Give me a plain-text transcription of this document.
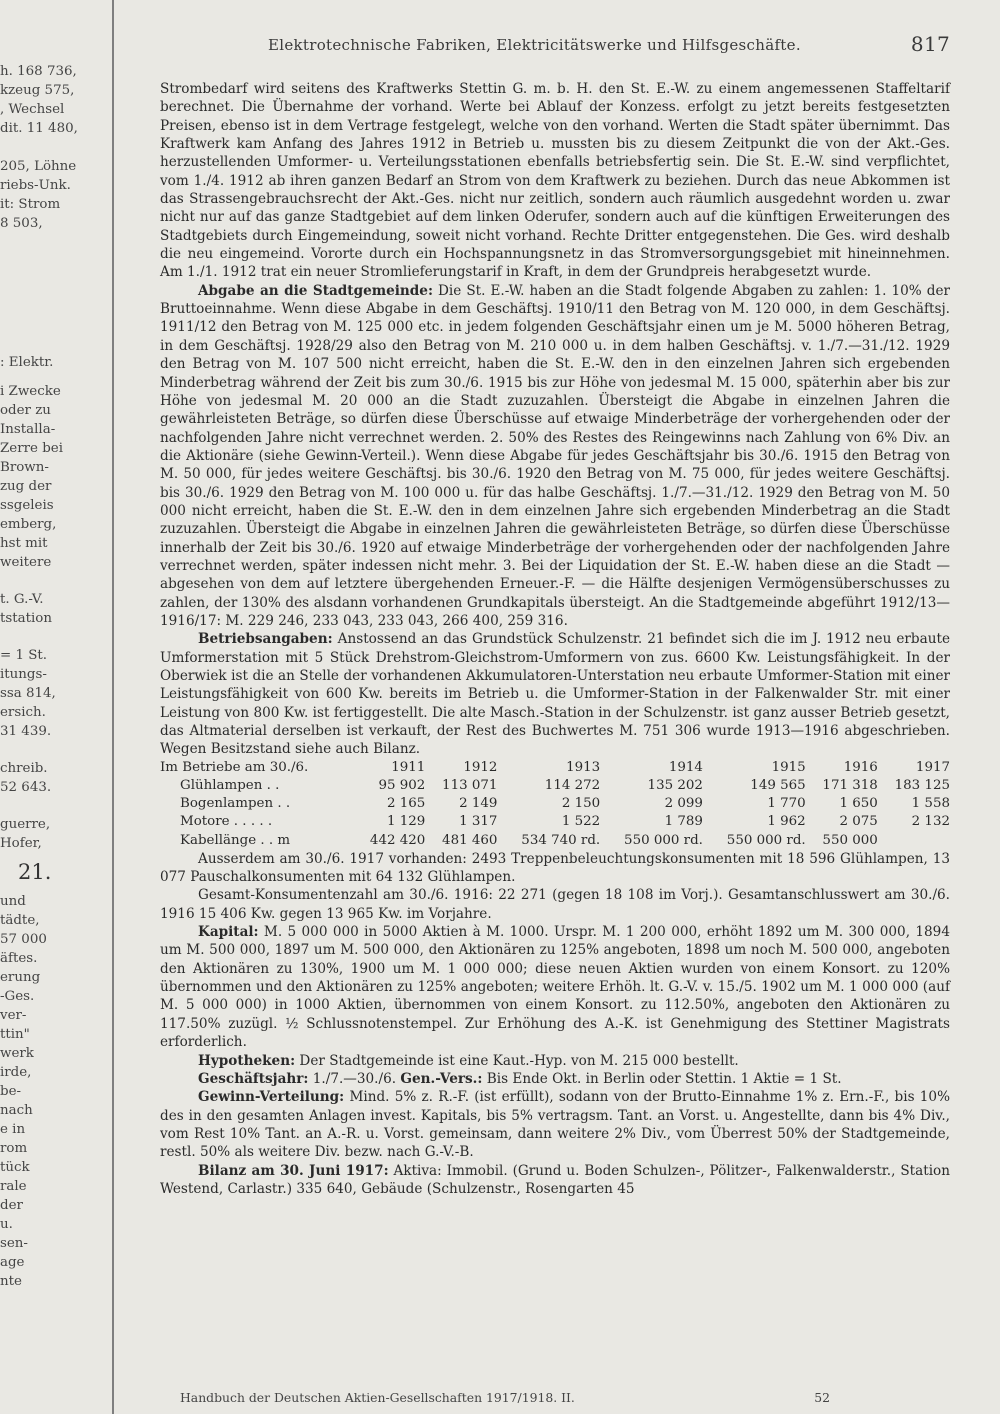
h. 168 736,
kzeug 575,
, Wechsel
dit. 11 480,

205, Löhne
riebs-Unk.
it: Strom
8 503,
: Elektr.
i Zwecke
oder zu
Installa-
Zerre bei
Brown-
zug der
ssgeleis
emberg,
hst mit
weitere
t. G.-V.
tstation
= 1 St.
itungs-
ssa 814,
ersich.
31 439.
chreib.
52 643.
guerre,
Hofer,
21.
und
tädte,
57 000
äftes.
erung
-Ges.
ver-
ttin"
werk
irde,
be-
nach
e in
rom
tück
rale
der
u.
sen-
age
nte
Elektrotechnische Fabriken, Elektricitätswerke und Hilfsgeschäfte.	817

Strombedarf wird seitens des Kraftwerks Stettin G. m. b. H. den St. E.-W. zu einem angemessenen Staffeltarif berechnet. Die Übernahme der vorhand. Werte bei Ablauf der Konzess. erfolgt zu jetzt bereits festgesetzten Preisen, ebenso ist in dem Vertrage festgelegt, welche von den vorhand. Werten die Stadt später übernimmt. Das Kraftwerk kam Anfang des Jahres 1912 in Betrieb u. mussten bis zu diesem Zeitpunkt die von der Akt.-Ges. herzustellenden Umformer- u. Verteilungsstationen ebenfalls betriebsfertig sein. Die St. E.-W. sind verpflichtet, vom 1./4. 1912 ab ihren ganzen Bedarf an Strom von dem Kraftwerk zu beziehen. Durch das neue Abkommen ist das Strassengebrauchsrecht der Akt.-Ges. nicht nur zeitlich, sondern auch räumlich ausgedehnt worden u. zwar nicht nur auf das ganze Stadtgebiet auf dem linken Oderufer, sondern auch auf die künftigen Erweiterungen des Stadtgebiets durch Eingemeindung, soweit nicht vorhand. Rechte Dritter entgegenstehen. Die Ges. wird deshalb die neu eingemeind. Vororte durch ein Hochspannungsnetz in das Stromversorgungsgebiet mit hineinnehmen. Am 1./1. 1912 trat ein neuer Stromlieferungstarif in Kraft, in dem der Grundpreis herabgesetzt wurde.

Abgabe an die Stadtgemeinde: Die St. E.-W. haben an die Stadt folgende Abgaben zu zahlen: 1. 10% der Bruttoeinnahme. Wenn diese Abgabe in dem Geschäftsj. 1910/11 den Betrag von M. 120 000, in dem Geschäftsj. 1911/12 den Betrag von M. 125 000 etc. in jedem folgenden Geschäftsjahr einen um je M. 5000 höheren Betrag, in dem Geschäftsj. 1928/29 also den Betrag von M. 210 000 u. in dem halben Geschäftsj. v. 1./7.—31./12. 1929 den Betrag von M. 107 500 nicht erreicht, haben die St. E.-W. den in den einzelnen Jahren sich ergebenden Minderbetrag während der Zeit bis zum 30./6. 1915 bis zur Höhe von jedesmal M. 15 000, späterhin aber bis zur Höhe von jedesmal M. 20 000 an die Stadt zuzuzahlen. Übersteigt die Abgabe in einzelnen Jahren die gewährleisteten Beträge, so dürfen diese Überschüsse auf etwaige Minderbeträge der vorhergehenden oder der nachfolgenden Jahre nicht verrechnet werden. 2. 50% des Restes des Reingewinns nach Zahlung von 6% Div. an die Aktionäre (siehe Gewinn-Verteil.). Wenn diese Abgabe für jedes Geschäftsjahr bis 30./6. 1915 den Betrag von M. 50 000, für jedes weitere Geschäftsj. bis 30./6. 1920 den Betrag von M. 75 000, für jedes weitere Geschäftsj. bis 30./6. 1929 den Betrag von M. 100 000 u. für das halbe Geschäftsj. 1./7.—31./12. 1929 den Betrag von M. 50 000 nicht erreicht, haben die St. E.-W. den in dem einzelnen Jahre sich ergebenden Minderbetrag an die Stadt zuzuzahlen. Übersteigt die Abgabe in einzelnen Jahren die gewährleisteten Beträge, so dürfen diese Überschüsse innerhalb der Zeit bis 30./6. 1920 auf etwaige Minderbeträge der vorhergehenden oder der nachfolgenden Jahre verrechnet werden, später indessen nicht mehr. 3. Bei der Liquidation der St. E.-W. haben diese an die Stadt — abgesehen von dem auf letztere übergehenden Erneuer.-F. — die Hälfte desjenigen Vermögensüberschusses zu zahlen, der 130% des alsdann vorhandenen Grundkapitals übersteigt. An die Stadtgemeinde abgeführt 1912/13—1916/17: M. 229 246, 233 043, 233 043, 266 400, 259 316.

Betriebsangaben: Anstossend an das Grundstück Schulzenstr. 21 befindet sich die im J. 1912 neu erbaute Umformerstation mit 5 Stück Drehstrom-Gleichstrom-Umformern von zus. 6600 Kw. Leistungsfähigkeit. In der Oberwiek ist die an Stelle der vorhandenen Akkumulatoren-Unterstation neu erbaute Umformer-Station mit einer Leistungsfähigkeit von 600 Kw. bereits im Betrieb u. die Umformer-Station in der Falkenwalder Str. mit einer Leistung von 800 Kw. ist fertiggestellt. Die alte Masch.-Station in der Schulzenstr. ist ganz ausser Betrieb gesetzt, das Altmaterial derselben ist verkauft, der Rest des Buchwertes M. 751 306 wurde 1913—1916 abgeschrieben. Wegen Besitzstand siehe auch Bilanz.

Im Betriebe am 30./6.	1911	1912	1913	1914	1915	1916	1917
Glühlampen . .	95 902	113 071	114 272	135 202	149 565	171 318	183 125
Bogenlampen . .	2 165	2 149	2 150	2 099	1 770	1 650	1 558
Motore . . . . .	1 129	1 317	1 522	1 789	1 962	2 075	2 132
Kabellänge . . m	442 420	481 460	534 740 rd.	550 000 rd.	550 000 rd.	550 000	

Ausserdem am 30./6. 1917 vorhanden: 2493 Treppenbeleuchtungskonsumenten mit 18 596 Glühlampen, 13 077 Pauschalkonsumenten mit 64 132 Glühlampen.

Gesamt-Konsumentenzahl am 30./6. 1916: 22 271 (gegen 18 108 im Vorj.). Gesamtanschlusswert am 30./6. 1916 15 406 Kw. gegen 13 965 Kw. im Vorjahre.

Kapital: M. 5 000 000 in 5000 Aktien à M. 1000. Urspr. M. 1 200 000, erhöht 1892 um M. 300 000, 1894 um M. 500 000, 1897 um M. 500 000, den Aktionären zu 125% angeboten, 1898 um noch M. 500 000, angeboten den Aktionären zu 130%, 1900 um M. 1 000 000; diese neuen Aktien wurden von einem Konsort. zu 120% übernommen und den Aktionären zu 125% angeboten; weitere Erhöh. lt. G.-V. v. 15./5. 1902 um M. 1 000 000 (auf M. 5 000 000) in 1000 Aktien, übernommen von einem Konsort. zu 112.50%, angeboten den Aktionären zu 117.50% zuzügl. ½ Schlussnotenstempel. Zur Erhöhung des A.-K. ist Genehmigung des Stettiner Magistrats erforderlich.

Hypotheken: Der Stadtgemeinde ist eine Kaut.-Hyp. von M. 215 000 bestellt.

Geschäftsjahr: 1./7.—30./6. Gen.-Vers.: Bis Ende Okt. in Berlin oder Stettin. 1 Aktie = 1 St.

Gewinn-Verteilung: Mind. 5% z. R.-F. (ist erfüllt), sodann von der Brutto-Einnahme 1% z. Ern.-F., bis 10% des in den gesamten Anlagen invest. Kapitals, bis 5% vertragsm. Tant. an Vorst. u. Angestellte, dann bis 4% Div., vom Rest 10% Tant. an A.-R. u. Vorst. gemeinsam, dann weitere 2% Div., vom Überrest 50% der Stadtgemeinde, restl. 50% als weitere Div. bezw. nach G.-V.-B.

Bilanz am 30. Juni 1917: Aktiva: Immobil. (Grund u. Boden Schulzen-, Pölitzer-, Falkenwalderstr., Station Westend, Carlastr.) 335 640, Gebäude (Schulzenstr., Rosengarten 45

Handbuch der Deutschen Aktien-Gesellschaften 1917/1918. II.	52
